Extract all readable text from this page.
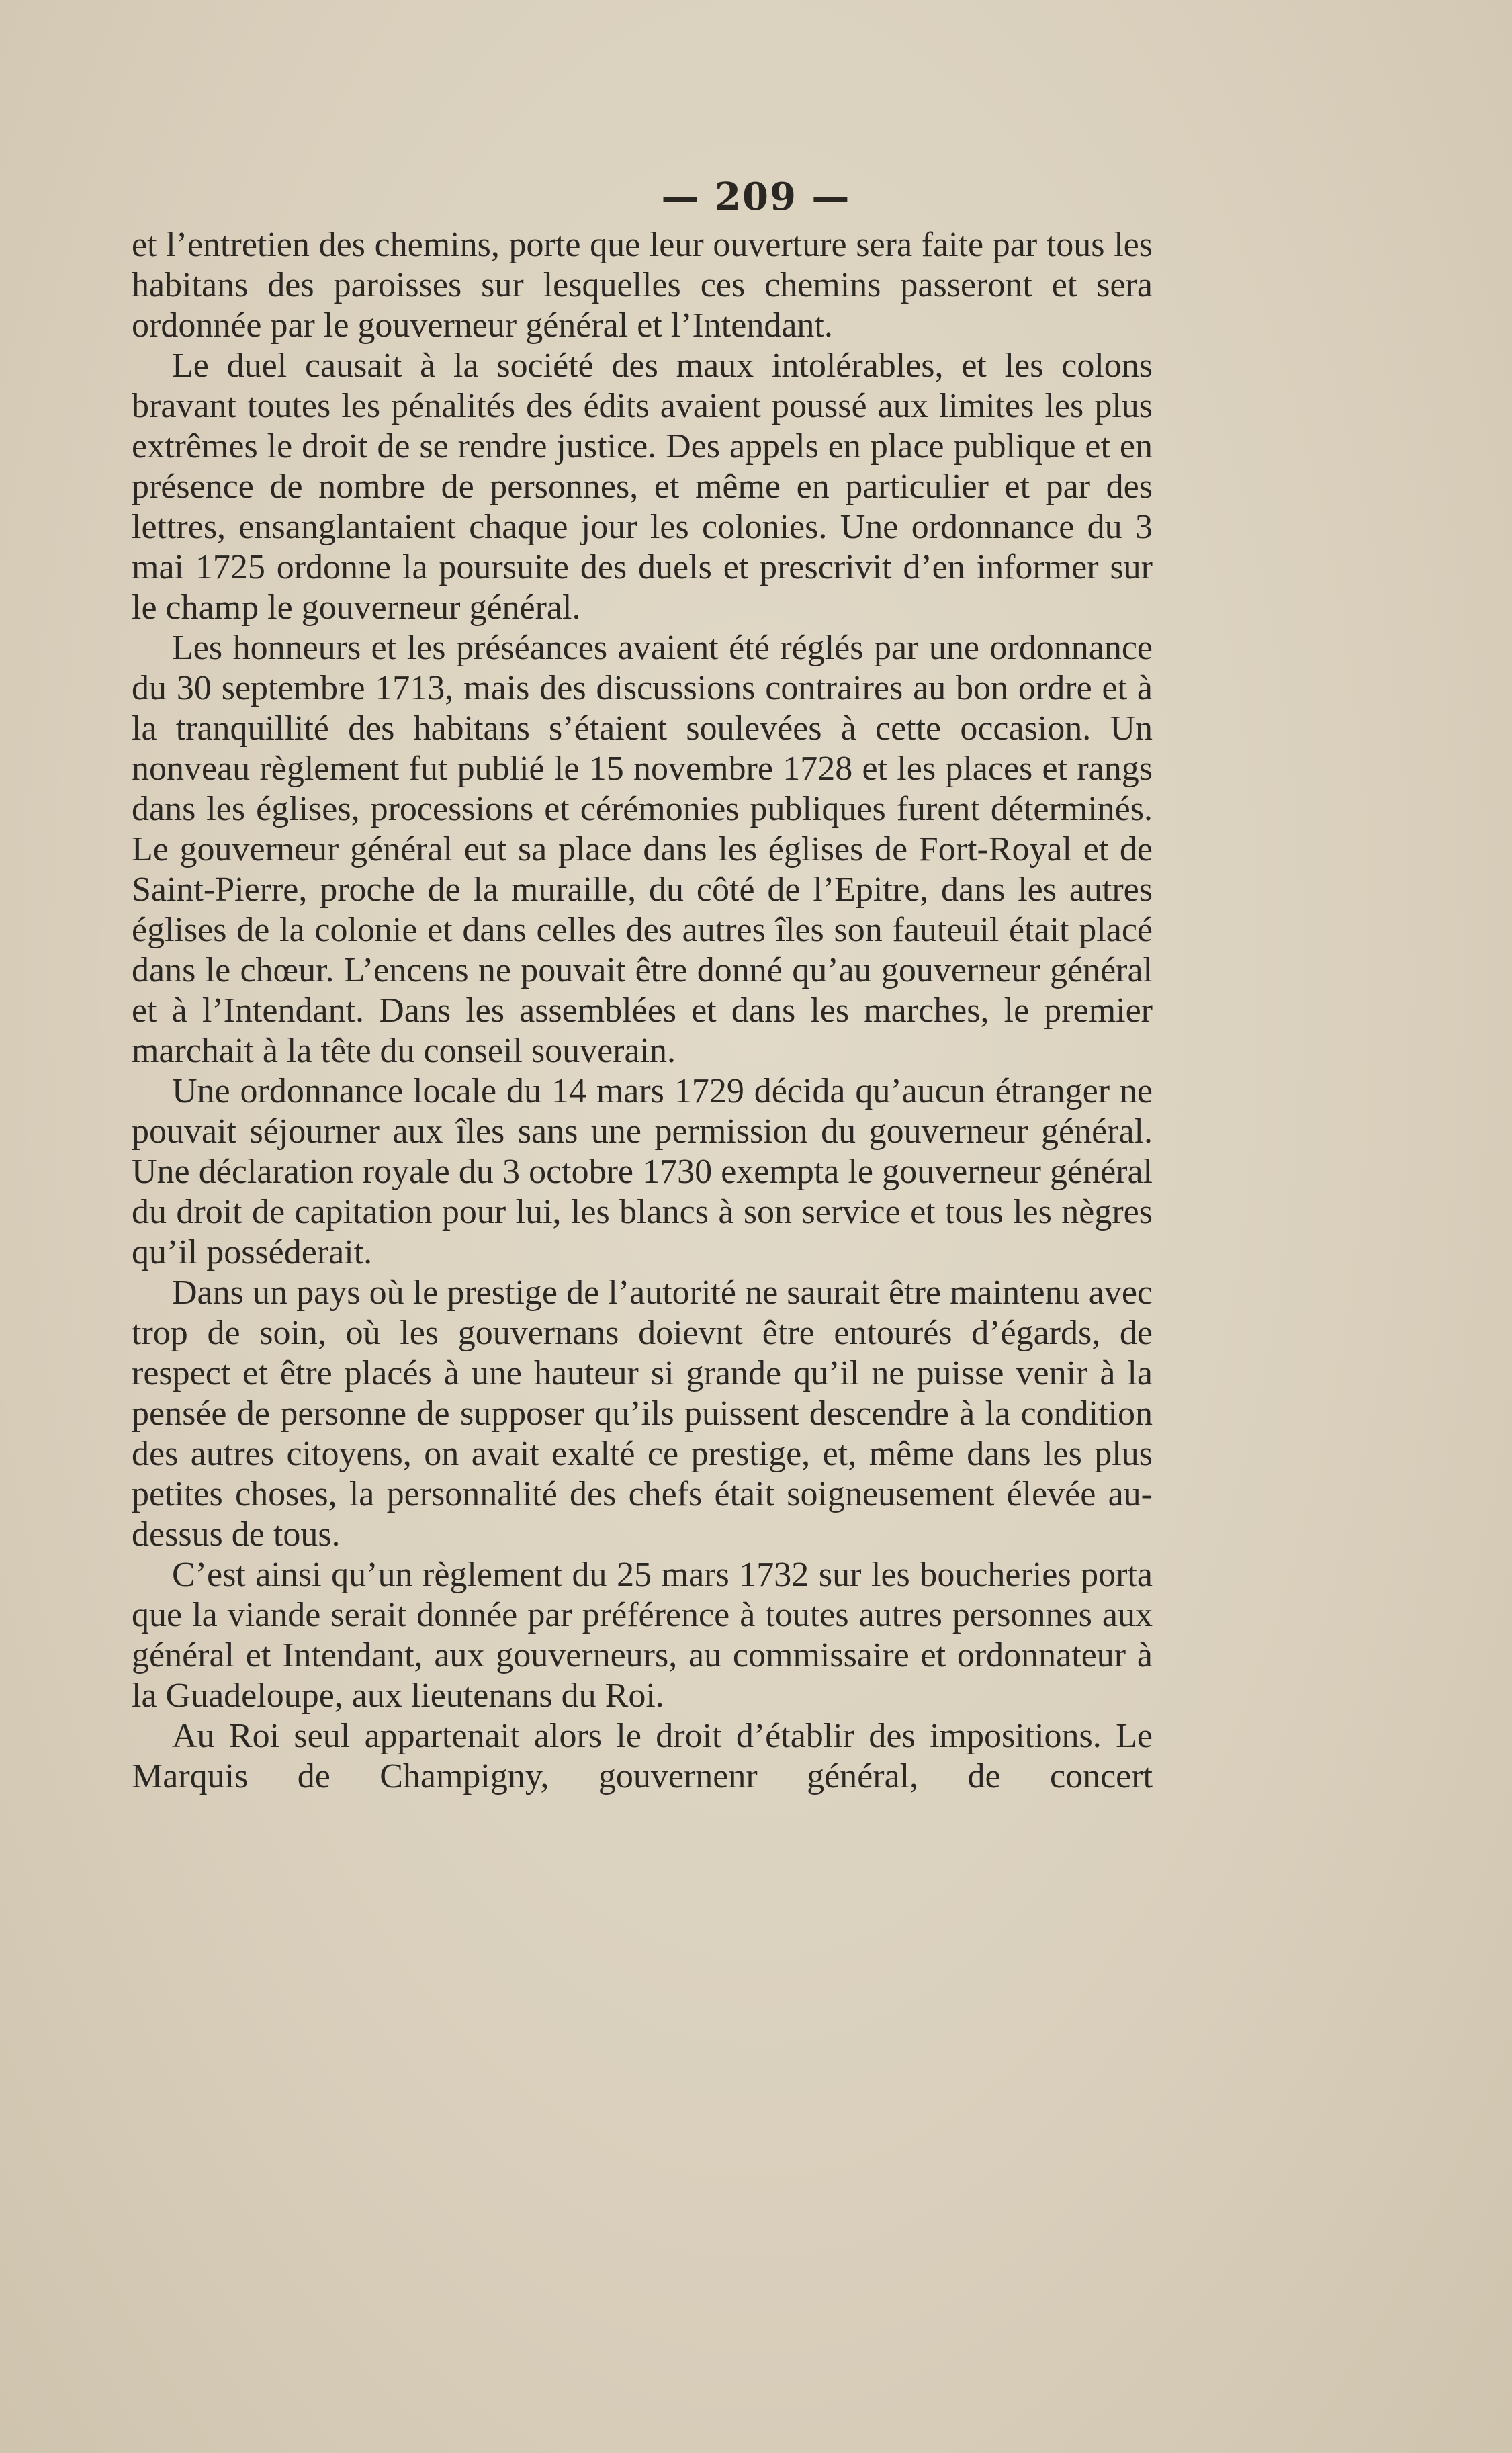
— 209 —

et l’entretien des chemins, porte que leur ouverture sera faite par tous les habitans des paroisses sur lesquelles ces chemins passeront et sera ordonnée par le gouverneur général et l’Intendant.

Le duel causait à la société des maux intolérables, et les colons bravant toutes les pénalités des édits avaient poussé aux limites les plus extrêmes le droit de se rendre justice. Des appels en place publique et en présence de nombre de personnes, et même en particulier et par des lettres, ensanglantaient chaque jour les colonies. Une ordonnance du 3 mai 1725 ordonne la poursuite des duels et prescrivit d’en informer sur le champ le gouverneur général.

Les honneurs et les préséances avaient été réglés par une ordonnance du 30 septembre 1713, mais des discussions contraires au bon ordre et à la tranquillité des habitans s’étaient soulevées à cette occasion. Un nonveau règlement fut publié le 15 novembre 1728 et les places et rangs dans les églises, processions et cérémonies publiques furent déterminés. Le gouverneur général eut sa place dans les églises de Fort-Royal et de Saint-Pierre, proche de la muraille, du côté de l’Epitre, dans les autres églises de la colonie et dans celles des autres îles son fauteuil était placé dans le chœur. L’encens ne pouvait être donné qu’au gouverneur général et à l’Intendant. Dans les assemblées et dans les marches, le premier marchait à la tête du conseil souverain.

Une ordonnance locale du 14 mars 1729 décida qu’aucun étranger ne pouvait séjourner aux îles sans une permission du gouverneur général. Une déclaration royale du 3 octobre 1730 exempta le gouverneur général du droit de capitation pour lui, les blancs à son service et tous les nègres qu’il posséderait.

Dans un pays où le prestige de l’autorité ne saurait être maintenu avec trop de soin, où les gouvernans doievnt être entourés d’égards, de respect et être placés à une hauteur si grande qu’il ne puisse venir à la pensée de personne de supposer qu’ils puissent descendre à la condition des autres citoyens, on avait exalté ce prestige, et, même dans les plus petites choses, la personnalité des chefs était soigneusement élevée au-dessus de tous.

C’est ainsi qu’un règlement du 25 mars 1732 sur les boucheries porta que la viande serait donnée par préférence à toutes autres personnes aux général et Intendant, aux gouverneurs, au commissaire et ordonnateur à la Guadeloupe, aux lieutenans du Roi.

Au Roi seul appartenait alors le droit d’établir des impositions. Le Marquis de Champigny, gouvernenr général, de concert
